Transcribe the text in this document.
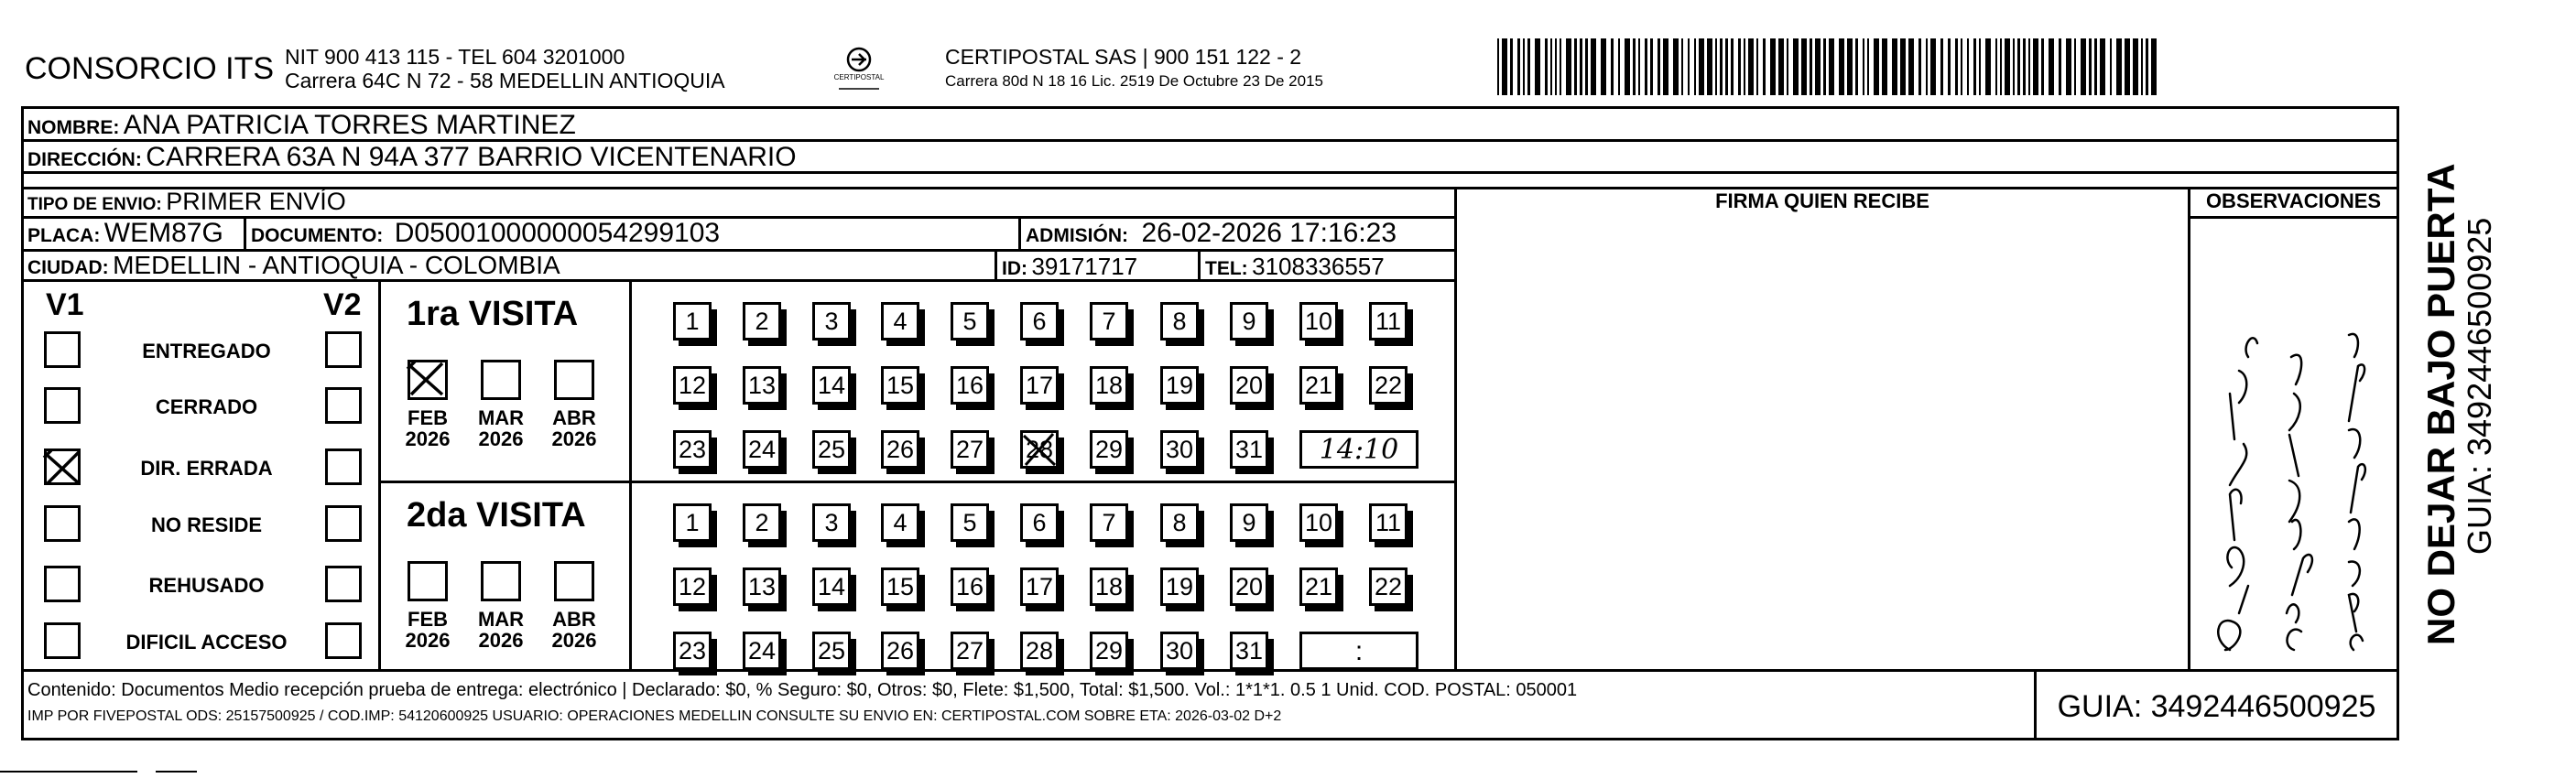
CONSORCIO ITS NIT 900 413 115 - TEL 604 3201000
Carrera 64C N 72 - 58 MEDELLIN ANTIOQUIA	CERTIPOSTAL
CERTIPOSTAL SAS | 900 151 122 - 2
Carrera 80d N 18 16 Lic. 2519 De Octubre 23 De 2015
NOMBRE: ANA PATRICIA TORRES MARTINEZ
DIRECCIÓN: CARRERA 63A N 94A 377 BARRIO VICENTENARIO
TIPO DE ENVIO: PRIMER ENVÍO
PLACA: WEM87G DOCUMENTO: D05001000000054299103	ADMISIÓN: 26-02-2026 17:16:23
CIUDAD: MEDELLIN - ANTIOQUIA - COLOMBIA	ID: 39171717	TEL: 3108336557
FIRMA QUIEN RECIBE	OBSERVACIONES
V1	V2
ENTREGADO
CERRADO
DIR. ERRADA
NO RESIDE
REHUSADO
DIFICIL ACCESO
1ra VISITA
FEB
2026
MAR
2026
ABR
2026
1	2	3	4	5	6	7	8	9	10 11
12 13 14 15 16 17 18 19 20 21 22
23 24 25 26 27 28 29 30 31	14:10
2da VISITA
FEB
2026
MAR
2026
ABR
2026
1	2	3	4	5	6	7	8	9	10 11
12 13 14 15 16 17 18 19 20 21 22
23 24 25 26 27 28 29 30 31	:
Contenido: Documentos Medio recepción prueba de entrega: electrónico | Declarado: $0, % Seguro: $0, Otros: $0, Flete: $1,500, Total: $1,500. Vol.: 1*1*1. 0.5 1 Unid. COD. POSTAL: 050001
IMP POR FIVEPOSTAL ODS: 25157500925 / COD.IMP: 54120600925 USUARIO: OPERACIONES MEDELLIN CONSULTE SU ENVIO EN: CERTIPOSTAL.COM SOBRE ETA: 2026-03-02 D+2	GUIA: 3492446500925
NO DEJAR BAJO PUERTA
GUIA: 3492446500925
